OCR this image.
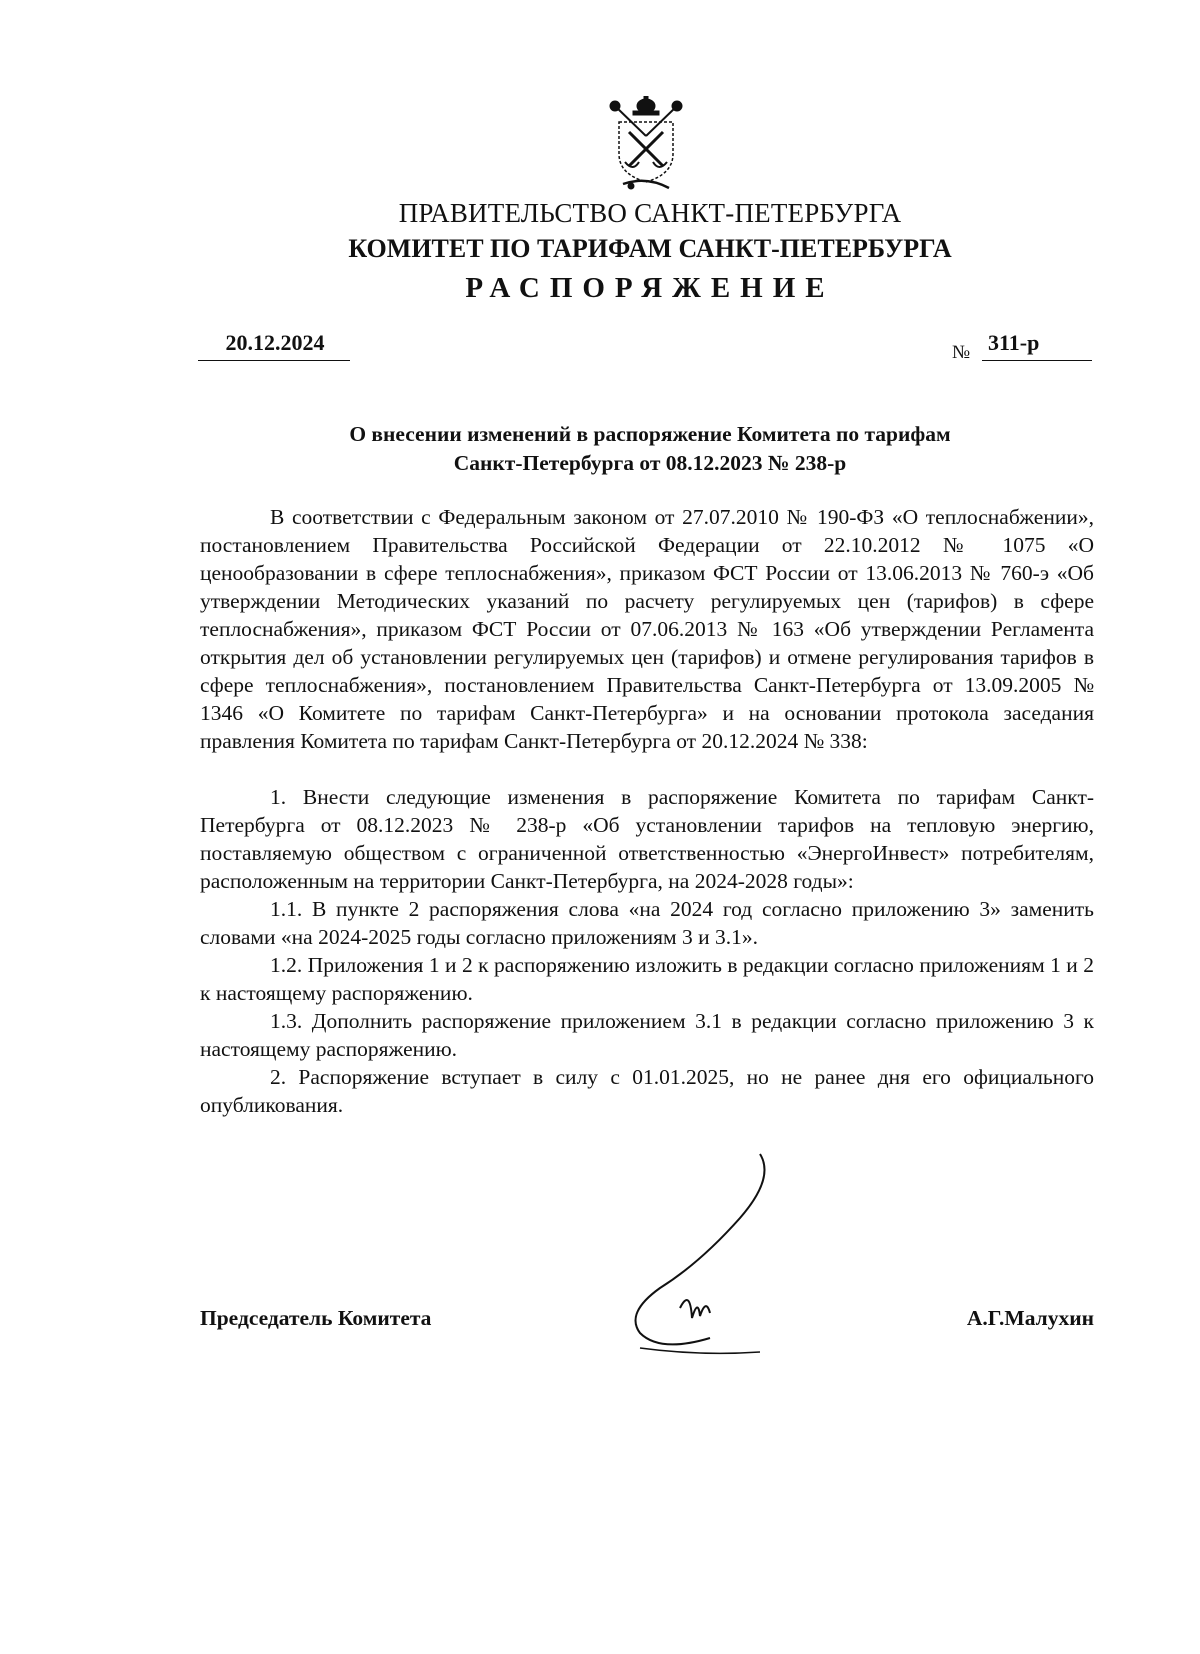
ПРАВИТЕЛЬСТВО САНКТ-ПЕТЕРБУРГА
КОМИТЕТ ПО ТАРИФАМ САНКТ-ПЕТЕРБУРГА
РАСПОРЯЖЕНИЕ
20.12.2024	№ 311-р
О внесении изменений в распоряжение Комитета по тарифам
Санкт-Петербурга от 08.12.2023 № 238-р

В соответствии с Федеральным законом от 27.07.2010 № 190-ФЗ «О теплоснабжении», постановлением Правительства Российской Федерации от 22.10.2012 № 1075 «О ценообразовании в сфере теплоснабжения», приказом ФСТ России от 13.06.2013 № 760-э «Об утверждении Методических указаний по расчету регулируемых цен (тарифов) в сфере теплоснабжения», приказом ФСТ России от 07.06.2013 № 163 «Об утверждении Регламента открытия дел об установлении регулируемых цен (тарифов) и отмене регулирования тарифов в сфере теплоснабжения», постановлением Правительства Санкт-Петербурга от 13.09.2005 № 1346 «О Комитете по тарифам Санкт-Петербурга» и на основании протокола заседания правления Комитета по тарифам Санкт-Петербурга от 20.12.2024 № 338:

1. Внести следующие изменения в распоряжение Комитета по тарифам Санкт-Петербурга от 08.12.2023 № 238-р «Об установлении тарифов на тепловую энергию, поставляемую обществом с ограниченной ответственностью «ЭнергоИнвест» потребителям, расположенным на территории Санкт-Петербурга, на 2024-2028 годы»:

1.1. В пункте 2 распоряжения слова «на 2024 год согласно приложению 3» заменить словами «на 2024-2025 годы согласно приложениям 3 и 3.1».

1.2. Приложения 1 и 2 к распоряжению изложить в редакции согласно приложениям 1 и 2 к настоящему распоряжению.

1.3. Дополнить распоряжение приложением 3.1 в редакции согласно приложению 3 к настоящему распоряжению.

2. Распоряжение вступает в силу с 01.01.2025, но не ранее дня его официального опубликования.

Председатель Комитета	А.Г.Малухин
